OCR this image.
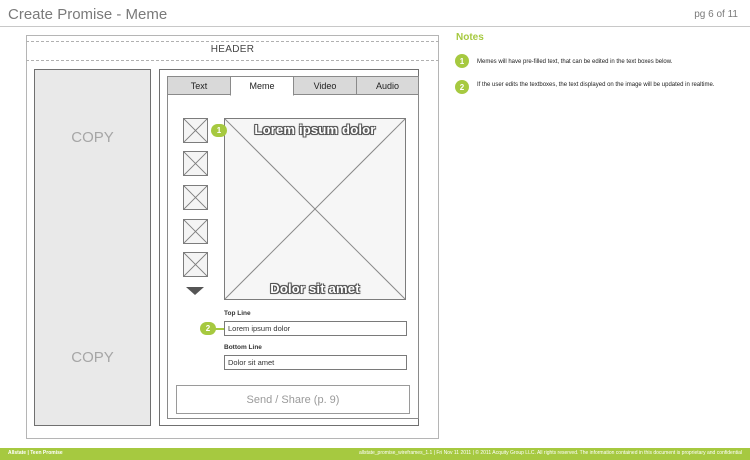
Create Promise - Meme	pg 6 of 11
HEADER
COPY
COPY
Text	Meme	Video	Audio
Lorem ipsum dolor
Dolor sit amet
1
2
Top Line
Lorem ipsum dolor
Bottom Line
Dolor sit amet
Send / Share (p. 9)
Notes
1	Memes will have pre-filled text, that can be edited in the text boxes below.
2	If the user edits the textboxes, the text displayed on the image will be updated in realtime.
Allstate | Teen Promise	allstate_promise_wireframes_1.1 | Fri Nov 11 2011 | © 2011 Acquity Group LLC. All rights reserved. The information contained in this document is proprietary and confidential
